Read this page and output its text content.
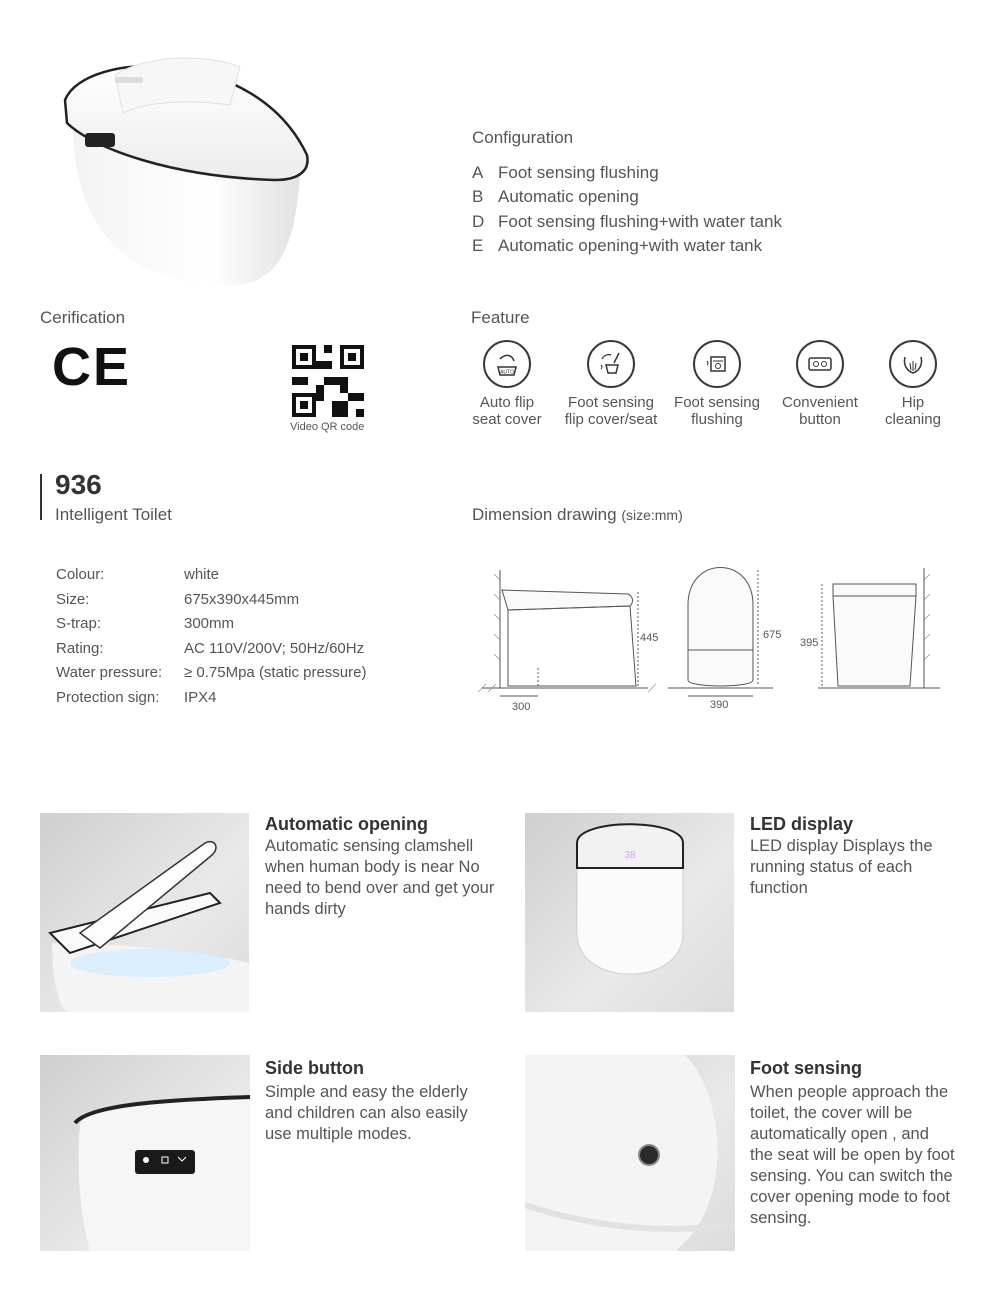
Configuration
A Foot sensing flushing
B Automatic opening
D Foot sensing flushing+with water tank
E Automatic opening+with water tank
Cerification
CE
Video QR code
Feature
AUTO
Auto flip
seat cover
Foot sensing
flip cover/seat
Foot sensing
flushing
Convenient
button
Hip
cleaning
936
Intelligent Toilet	Dimension drawing (size:mm)
Colour:	white
Size:	675x390x445mm
S-trap:	300mm
Rating:	AC 110V/200V; 50Hz/60Hz
Water pressure: ≥ 0.75Mpa (static pressure)
Protection sign: IPX4
445
300
675
390
395
Automatic opening
Automatic sensing clamshell when human body is near No need to bend over and get your hands dirty
38
LED display
LED display Displays the running status of each function
Side button
Simple and easy the elderly and children can also easily use multiple modes.
Foot sensing
When people approach the toilet, the cover will be automatically open , and the seat will be open by foot sensing. You can switch the cover opening mode to foot sensing.
